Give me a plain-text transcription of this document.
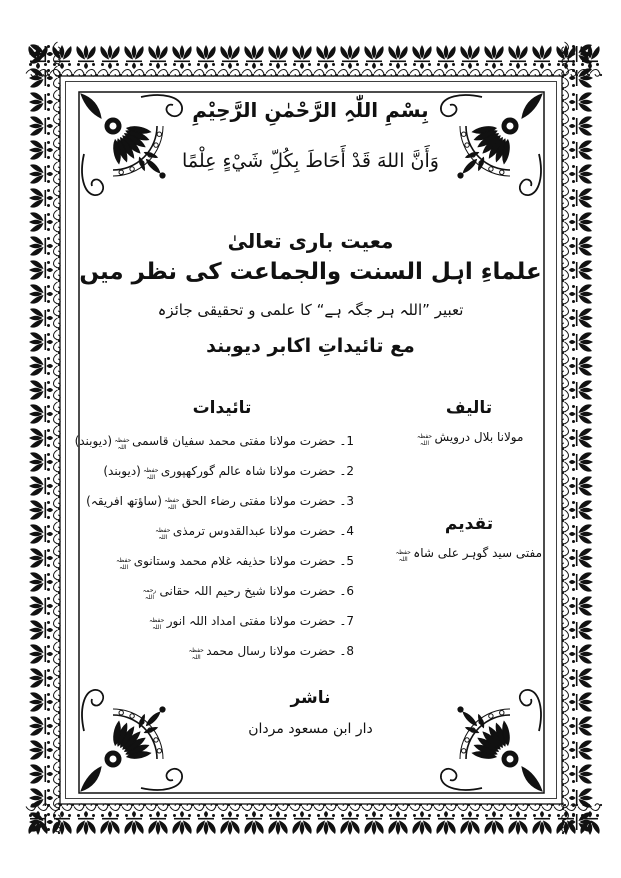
بِسْمِ اللّٰہِ الرَّحْمٰنِ الرَّحِیْمِ
وَأَنَّ اللهَ قَدْ أَحَاطَ بِكُلِّ شَيْءٍ عِلْمًا
معیت باری تعالیٰ
علماءِ اہل السنت والجماعت کی نظر میں
تعبیر ”اللہ ہر جگہ ہے“ کا علمی و تحقیقی جائزہ
مع تائیداتِ اکابر دیوبند
تائیدات
1۔ حضرت مولانا مفتی محمد سفیان قاسمیحفظہ اللہ(دیوبند)
2۔ حضرت مولانا شاہ عالم گورکھپوریحفظہ اللہ(دیوبند)
3۔ حضرت مولانا مفتی رضاء الحقحفظہ اللہ(ساؤتھ افریقہ)
4۔ حضرت مولانا عبدالقدوس ترمذیحفظہ اللہ
5۔ حضرت مولانا حذیفہ غلام محمد وستانویحفظہ اللہ
6۔ حضرت مولانا شیخ رحیم اللہ حقانیرحمہ اللہ
7۔ حضرت مولانا مفتی امداد اللہ انورحفظہ اللہ
8۔ حضرت مولانا رسال محمدحفظہ اللہ
تالیف
مولانا بلال درویشحفظہ اللہ
تقدیم
مفتی سید گوہر علی شاہحفظہ اللہ
ناشر
دار ابن مسعود مردان
